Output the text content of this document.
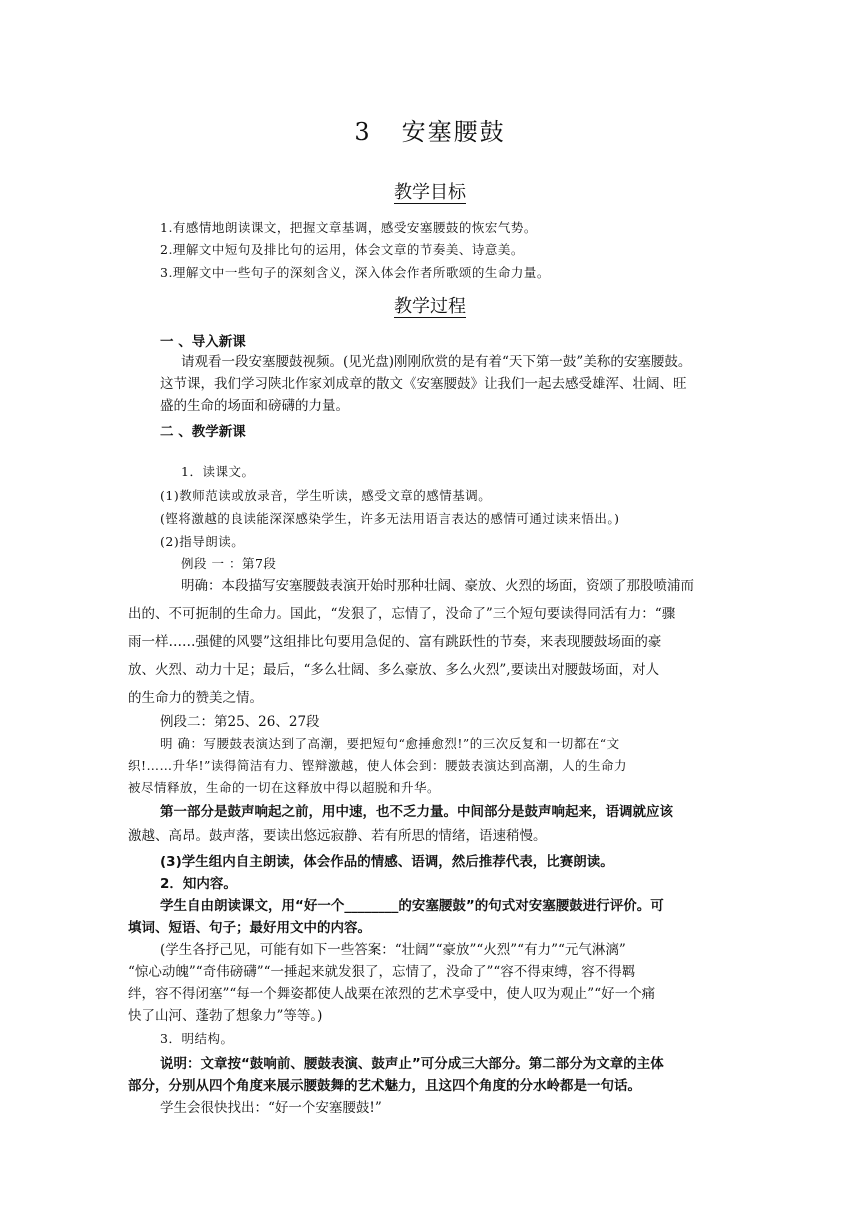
3 安塞腰鼓
教学目标
1.有感情地朗读课文，把握文章基调，感受安塞腰鼓的恢宏气势。
2.理解文中短句及排比句的运用，体会文章的节奏美、诗意美。
3.理解文中一些句子的深刻含义，深入体会作者所歌颂的生命力量。
教学过程
一 、导入新课
请观看一段安塞腰鼓视频。(见光盘)刚刚欣赏的是有着“天下第一鼓”美称的安塞腰鼓。
这节课，我们学习陕北作家刘成章的散文《安塞腰鼓》让我们一起去感受雄浑、壮阔、旺
盛的生命的场面和磅礴的力量。
二 、教学新课
1．读课文。
(1)教师范读或放录音，学生听读，感受文章的感情基调。
(铿将激越的良读能深深感染学生，许多无法用语言表达的感情可通过读来悟出。)
(2)指导朗读。
例段 一 ：第7段
明确：本段描写安塞腰鼓表演开始时那种壮阔、豪放、火烈的场面，资颂了那股喷浦而
出的、不可扼制的生命力。国此，“发狠了，忘情了，没命了”三个短句要读得同活有力：“骤
雨一样……强健的风婴”这组排比句要用急促的、富有跳跃性的节奏，来表现腰鼓场面的豪
放、火烈、动力十足；最后，“多么壮阔、多么豪放、多么火烈”,要读出对腰鼓场面，对人
的生命力的赞美之情。
例段二：第25、26、27段
明 确：写腰鼓表演达到了高潮，要把短句“愈捶愈烈!”的三次反复和一切都在“文
织!……升华!”读得简洁有力、铿辩激越，使人体会到：腰鼓表演达到高潮，人的生命力
被尽情释放，生命的一切在这释放中得以超脱和升华。
第一部分是鼓声响起之前，用中速，也不乏力量。中间部分是鼓声响起来，语调就应该
激越、高昂。鼓声落，要读出悠远寂静、若有所思的情绪，语速稍慢。
(3)学生组内自主朗读，体会作品的情感、语调，然后推荐代表，比赛朗读。
2．知内容。
学生自由朗读课文，用“好一个________的安塞腰鼓”的句式对安塞腰鼓进行评价。可
填词、短语、句子；最好用文中的内容。
(学生各抒己见，可能有如下一些答案：“壮阔”“豪放”“火烈”“有力”“元气淋漓”
“惊心动魄”“奇伟磅礴”“一捶起来就发狠了，忘情了，没命了”“容不得束缚，容不得羁
绊，容不得闭塞”“每一个舞姿都使人战栗在浓烈的艺术享受中，使人叹为观止”“好一个痛
快了山河、蓬勃了想象力”等等。)
3．明结构。
说明：文章按“鼓响前、腰鼓表演、鼓声止”可分成三大部分。第二部分为文章的主体
部分，分别从四个角度来展示腰鼓舞的艺术魅力，且这四个角度的分水岭都是一句话。
学生会很快找出：“好一个安塞腰鼓!”
